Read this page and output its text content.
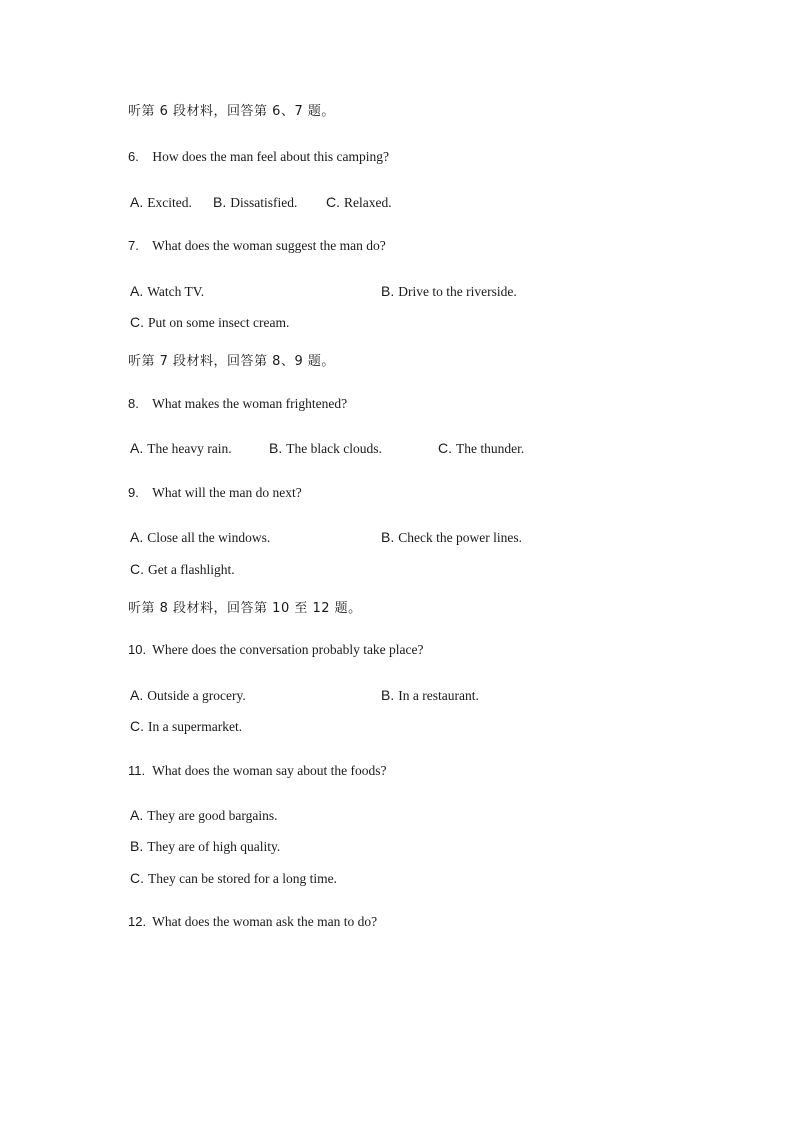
听第 6 段材料，回答第 6、7 题。
6. How does the man feel about this camping?
A. Excited. B. Dissatisfied. C. Relaxed.
7. What does the woman suggest the man do?
A. Watch TV.	B. Drive to the riverside.
C. Put on some insect cream.
听第 7 段材料，回答第 8、9 题。
8. What makes the woman frightened?
A. The heavy rain.	B. The black clouds.	C. The thunder.
9. What will the man do next?
A. Close all the windows.	B. Check the power lines.
C. Get a flashlight.
听第 8 段材料，回答第 10 至 12 题。
10. Where does the conversation probably take place?
A. Outside a grocery.	B. In a restaurant.
C. In a supermarket.
11. What does the woman say about the foods?
A. They are good bargains.
B. They are of high quality.
C. They can be stored for a long time.
12. What does the woman ask the man to do?
